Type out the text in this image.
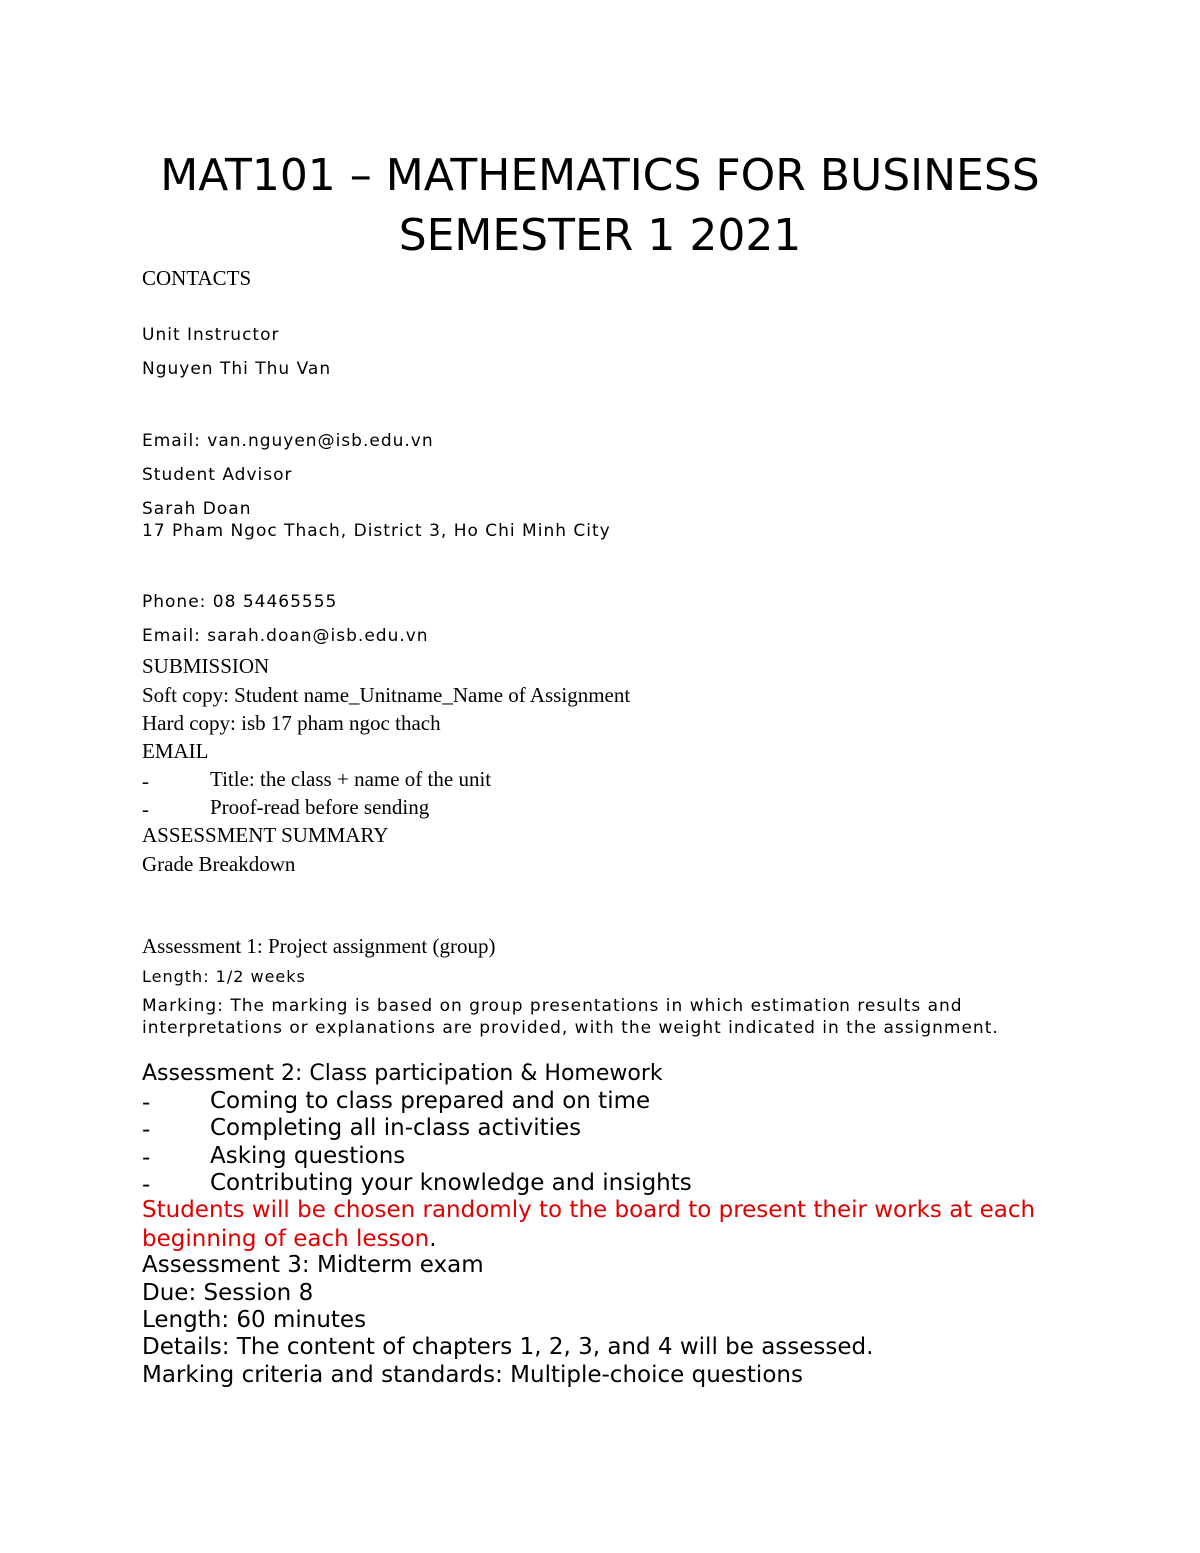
MAT101 – MATHEMATICS FOR BUSINESS
SEMESTER 1 2021
CONTACTS
Unit Instructor
Nguyen Thi Thu Van
Email: van.nguyen@isb.edu.vn
Student Advisor
Sarah Doan
17 Pham Ngoc Thach, District 3, Ho Chi Minh City
Phone: 08 54465555
Email: sarah.doan@isb.edu.vn
SUBMISSION
Soft copy: Student name_Unitname_Name of Assignment
Hard copy: isb 17 pham ngoc thach
EMAIL
-	Title: the class + name of the unit
-	Proof-read before sending
ASSESSMENT SUMMARY
Grade Breakdown
Assessment 1: Project assignment (group)
Length: 1/2 weeks
Marking: The marking is based on group presentations in which estimation results and interpretations or explanations are provided, with the weight indicated in the assignment.
Assessment 2: Class participation & Homework
-	Coming to class prepared and on time
-	Completing all in-class activities
-	Asking questions
-	Contributing your knowledge and insights
Students will be chosen randomly to the board to present their works at each beginning of each lesson.
Assessment 3: Midterm exam
Due: Session 8
Length: 60 minutes
Details: The content of chapters 1, 2, 3, and 4 will be assessed.
Marking criteria and standards: Multiple-choice questions
